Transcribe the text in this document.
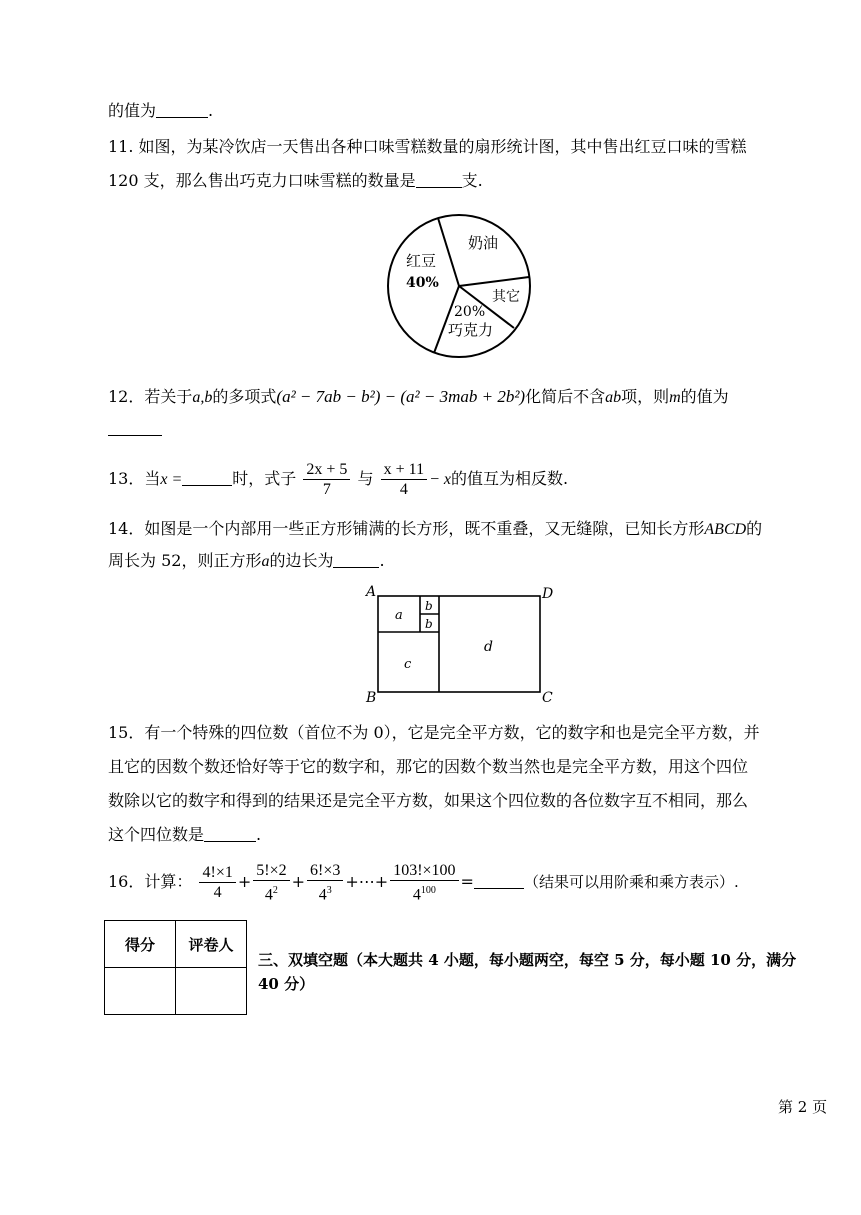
的值为	.
11. 如图，为某冷饮店一天售出各种口味雪糕数量的扇形统计图，其中售出红豆口味的雪糕
120 支，那么售出巧克力口味雪糕的数量是	支.
奶油
红豆
40%
其它
20%
巧克力
12．若关于a,b的多项式(a² − 7ab − b²) − (a² − 3mab + 2b²)化简后不含ab项，则m的值为
13．当x =	时，式子 $\frac{2x + 5}{7}$ 与 $\frac{x + 11}{4} - x$的值互为相反数.
14．如图是一个内部用一些正方形铺满的长方形，既不重叠，又无缝隙，已知长方形ABCD的
周长为 52，则正方形a的边长为	.
A	D
B	C
a
b
b
c
d
15．有一个特殊的四位数（首位不为 0），它是完全平方数，它的数字和也是完全平方数，并
且它的因数个数还恰好等于它的数字和，那它的因数个数当然也是完全平方数，用这个四位
数除以它的数字和得到的结果还是完全平方数，如果这个四位数的各位数字互不相同，那么
这个四位数是	.
16．计算： $\frac{4!\times 1}{4} + \frac{5!\times 2}{4^2} + \frac{6!\times 3}{4^3}$ +⋯+ $\frac{103!\times 100}{4^{100}}$ =	（结果可以用阶乘和乘方表示）.
得分	评卷人

三、双填空题（本大题共 4 小题，每小题两空，每空 5 分，每小题 10 分，满分 40 分）
第 2 页
